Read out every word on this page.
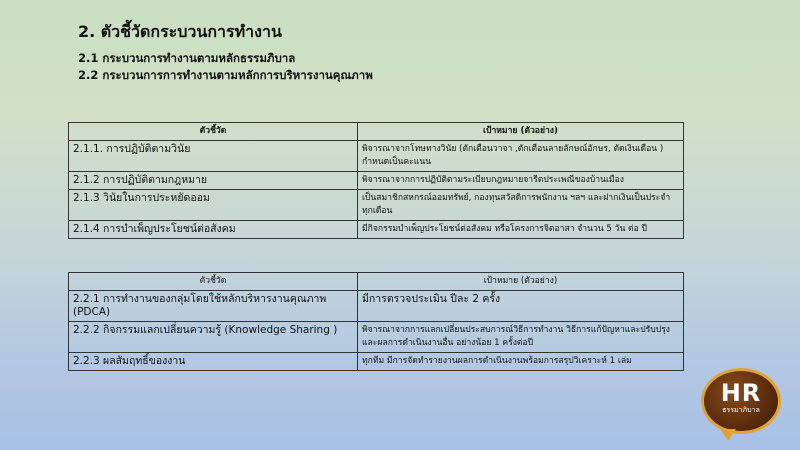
2. ตัวชี้วัดกระบวนการทำงาน
2.1 กระบวนการทำงานตามหลักธรรมภิบาล
2.2 กระบวนการการทำงานตามหลักการบริหารงานคุณภาพ
ตัวชี้วัด	เป้าหมาย (ตัวอย่าง)
2.1.1. การปฏิบัติตามวินัย	พิจารณาจากโทษทางวินัย (ตักเตือนวาจา ,ตักเตือนลายลักษณ์อักษร, ตัดเงินเดือน ) กำหนดเป็นคะแนน
2.1.2 การปฏิบัติตามกฎหมาย	พิจารณาจากการปฏิบัติตามระเบียบกฎหมายจารีตประเพณีของบ้านเมือง
2.1.3 วินัยในการประหยัดออม	เป็นสมาชิกสหกรณ์ออมทรัพย์, กองทุนสวัสดิการพนักงาน ฯลฯ และฝากเงินเป็นประจำทุกเดือน
2.1.4 การบำเพ็ญประโยชน์ต่อสังคม	มีกิจกรรมบำเพ็ญประโยชน์ต่อสังคม หรือโครงการจิตอาสา จำนวน 5 วัน ต่อ ปี
ตัวชี้วัด	เป้าหมาย (ตัวอย่าง)
2.2.1 การทำงานของกลุ่มโดยใช้หลักบริหารงานคุณภาพ (PDCA)	มีการตรวจประเมิน ปีละ 2 ครั้ง
2.2.2 กิจกรรมแลกเปลี่ยนความรู้ (Knowledge Sharing )	พิจารณาจากการแลกเปลี่ยนประสบการณ์วิธีการทำงาน วิธีการแก้ปัญหาและปรับปรุง และผลการดำเนินงานอื่น อย่างน้อย 1 ครั้งต่อปี
2.2.3 ผลสัมฤทธิ์ของงาน	ทุกทีม มีการจัดทำรายงานผลการดำเนินงานพร้อมการสรุปวิเคราะห์ 1 เล่ม
HR
ธรรมาภิบาล
